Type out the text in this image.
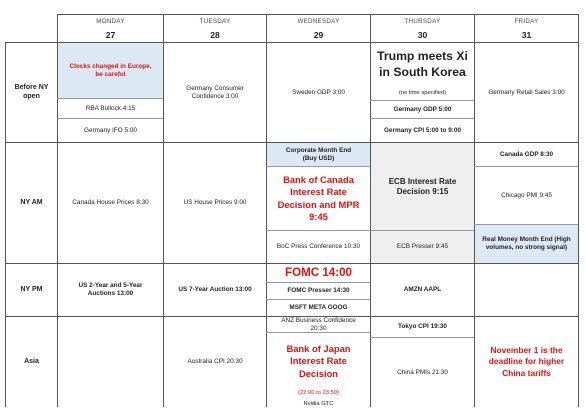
MONDAY
27
TUESDAY
28
WEDNESDAY
29
THURSDAY
30
FRIDAY
31
Before NY open
NY AM
NY PM
Asia
Clocks changed in Europe, be careful
RBA Bullock 4:15
Germany IFO 5:00
Canada House Prices 8:30
US 2-Year and 5-Year Auctions 13:00
Germany Consumer Confidence 3:00
US House Prices 9:00
US 7-Year Auction 13:00
Australia CPI 20:30
Sweden GDP 3:00
Corporate Month End (Buy USD)
Bank of Canada Interest Rate Decision and MPR 9:45
BoC Press Conference 10:30
FOMC 14:00
FOMC Presser 14:30
MSFT META GOOG
ANZ Business Confidence 20:30
Bank of Japan Interest Rate Decision
(22:00 to 23:59)
Nvidia GTC
Trump meets Xi in South Korea
(no time specified)
Germany GDP 5:00
Germany CPI 5:00 to 9:00
ECB Interest Rate Decision 9:15
ECB Presser 9:45
AMZN AAPL
Tokyo CPI 19:30
China PMIs 21:30
Germany Retail Sales 3:00
Canada GDP 8:30
Chicago PMI 9:45
Real Money Month End (High volumes, no strong signal)
November 1 is the deadline for higher China tariffs
